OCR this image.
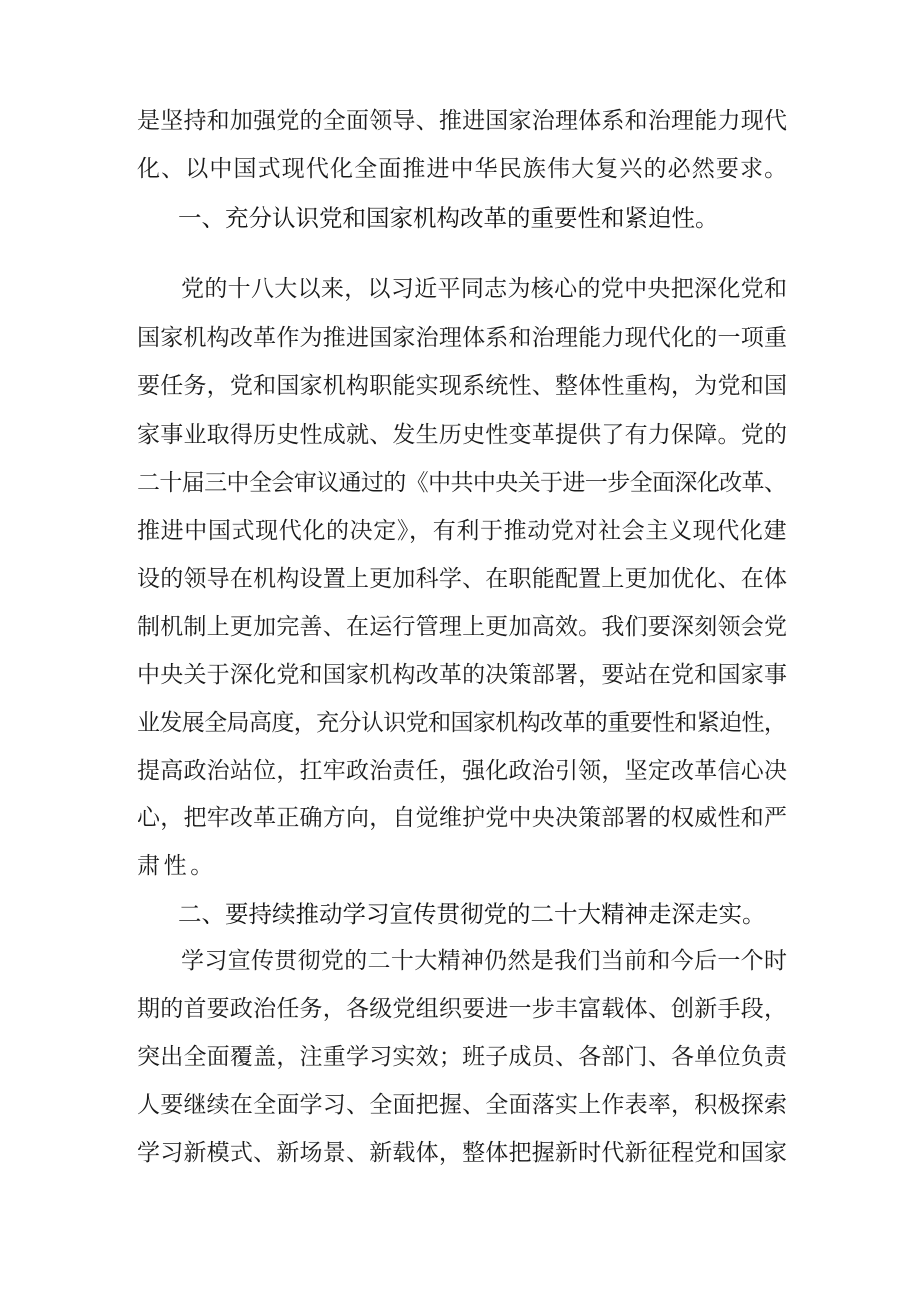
是坚持和加强党的全面领导、推进国家治理体系和治理能力现代
化、以中国式现代化全面推进中华民族伟大复兴的必然要求。
一、充分认识党和国家机构改革的重要性和紧迫性。
党的十八大以来，以习近平同志为核心的党中央把深化党和
国家机构改革作为推进国家治理体系和治理能力现代化的一项重
要任务，党和国家机构职能实现系统性、整体性重构，为党和国
家事业取得历史性成就、发生历史性变革提供了有力保障。党的
二十届三中全会审议通过的《中共中央关于进一步全面深化改革、
推进中国式现代化的决定》，有利于推动党对社会主义现代化建
设的领导在机构设置上更加科学、在职能配置上更加优化、在体
制机制上更加完善、在运行管理上更加高效。我们要深刻领会党
中央关于深化党和国家机构改革的决策部署，要站在党和国家事
业发展全局高度，充分认识党和国家机构改革的重要性和紧迫性，
提高政治站位，扛牢政治责任，强化政治引领，坚定改革信心决
心，把牢改革正确方向，自觉维护党中央决策部署的权威性和严
肃性。
二、要持续推动学习宣传贯彻党的二十大精神走深走实。
学习宣传贯彻党的二十大精神仍然是我们当前和今后一个时
期的首要政治任务，各级党组织要进一步丰富载体、创新手段，
突出全面覆盖，注重学习实效；班子成员、各部门、各单位负责
人要继续在全面学习、全面把握、全面落实上作表率，积极探索
学习新模式、新场景、新载体，整体把握新时代新征程党和国家
